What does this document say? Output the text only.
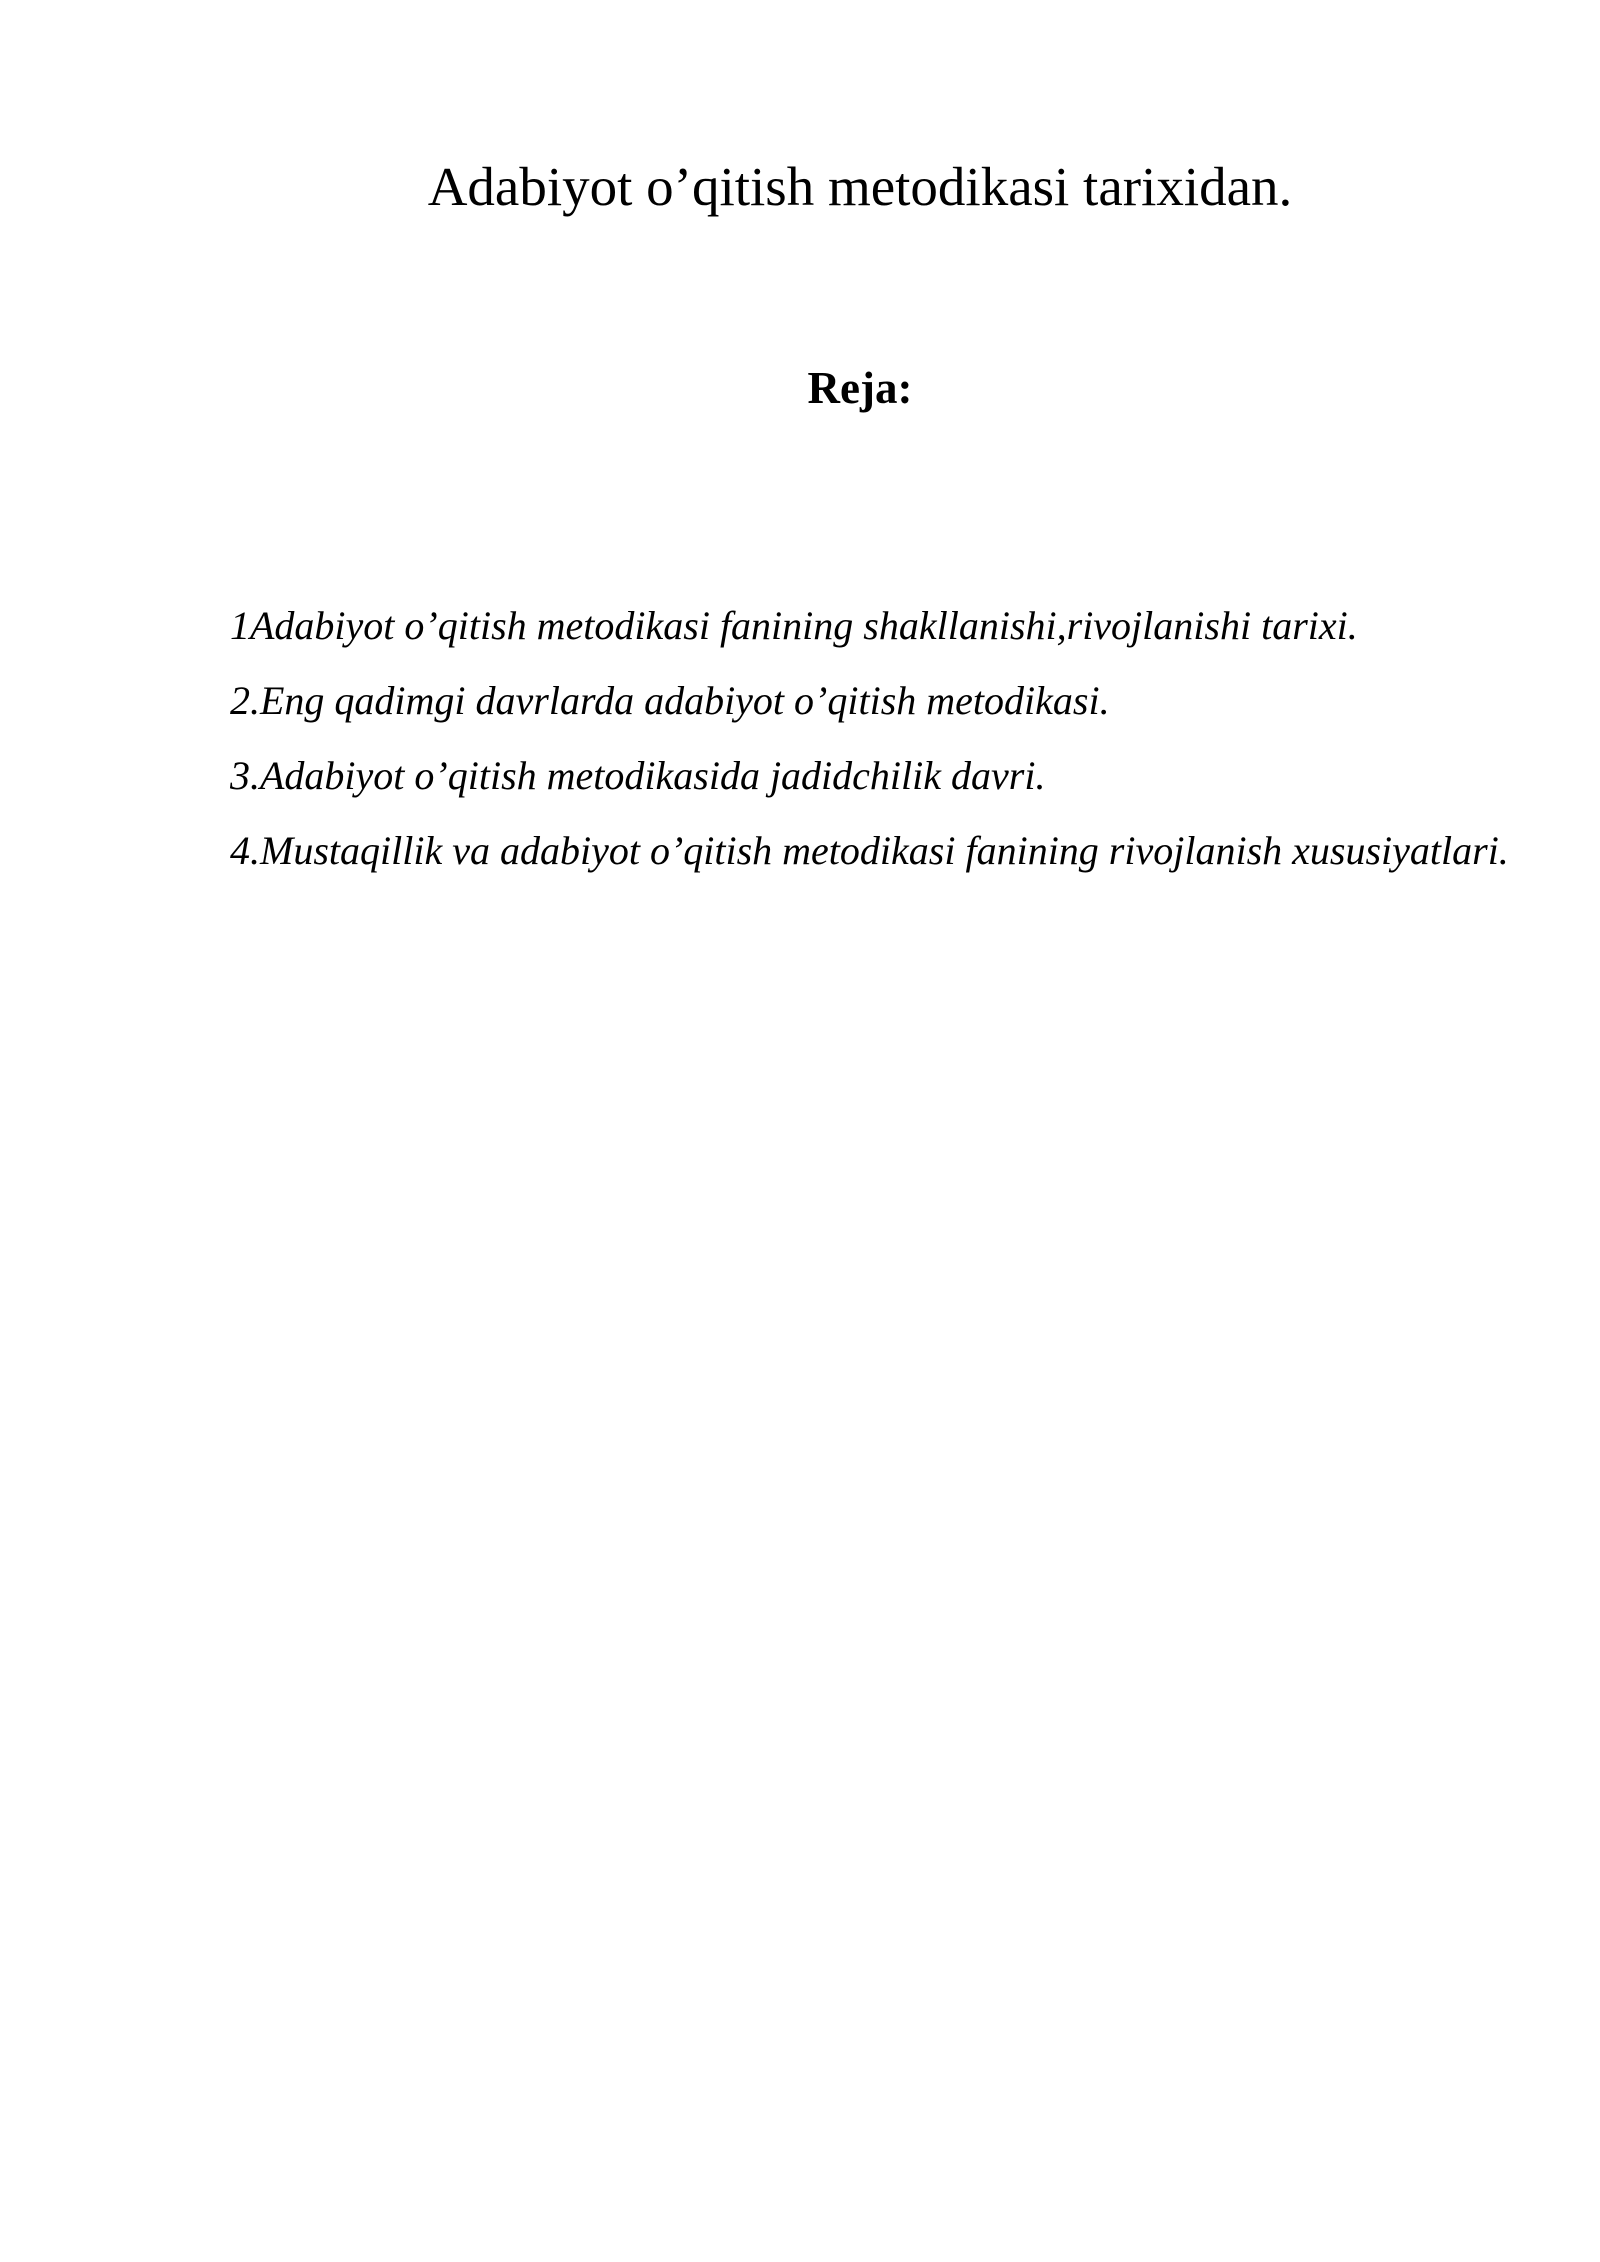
Adabiyot o’qitish metodikasi tarixidan.
Reja:
1Adabiyot o’qitish metodikasi fanining shakllanishi,rivojlanishi tarixi.
2.Eng qadimgi davrlarda adabiyot o’qitish metodikasi.
3.Adabiyot o’qitish metodikasida jadidchilik davri.
4.Mustaqillik va adabiyot o’qitish metodikasi fanining rivojlanish xususiyatlari.
